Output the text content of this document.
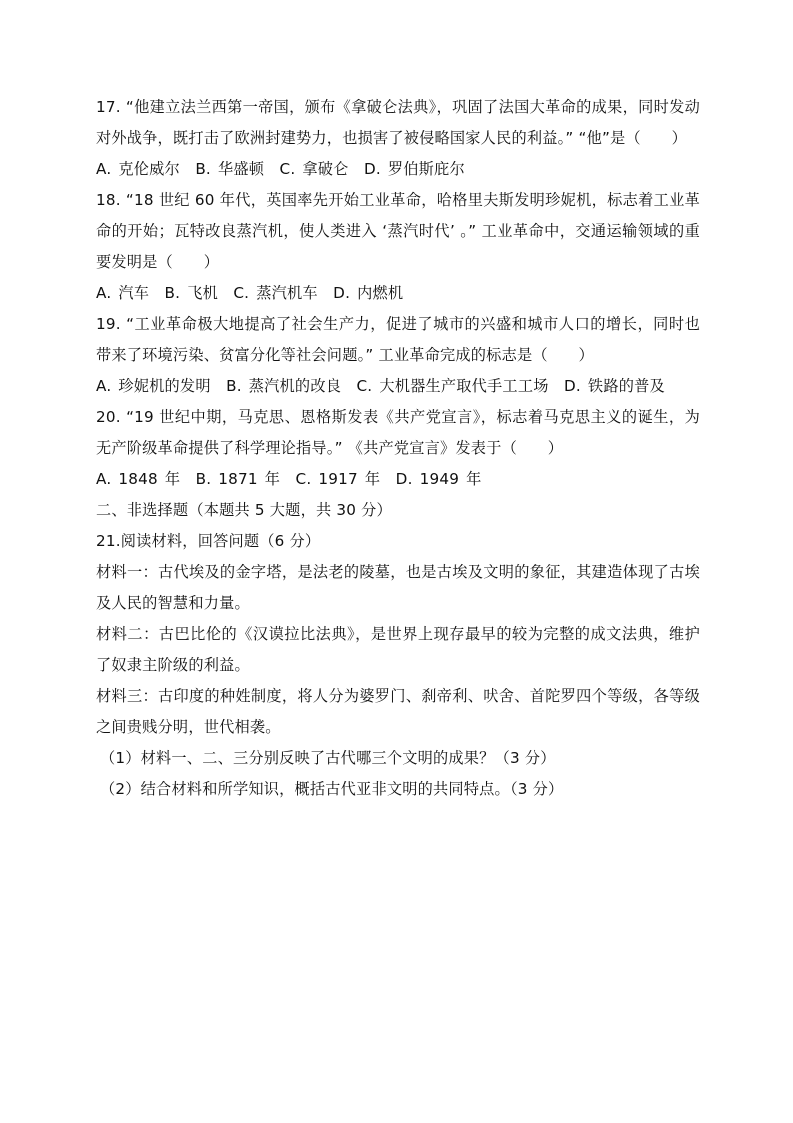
17. “他建立法兰西第一帝国，颁布《拿破仑法典》，巩固了法国大革命的成果，同时发动对外战争，既打击了欧洲封建势力，也损害了被侵略国家人民的利益。” “他”是（　　）

A. 克伦威尔　B. 华盛顿　C. 拿破仑　D. 罗伯斯庇尔

18. “18 世纪 60 年代，英国率先开始工业革命，哈格里夫斯发明珍妮机，标志着工业革命的开始；瓦特改良蒸汽机，使人类进入 ‘蒸汽时代’ 。” 工业革命中，交通运输领域的重要发明是（　　）

A. 汽车　B. 飞机　C. 蒸汽机车　D. 内燃机

19. “工业革命极大地提高了社会生产力，促进了城市的兴盛和城市人口的增长，同时也带来了环境污染、贫富分化等社会问题。” 工业革命完成的标志是（　　）

A. 珍妮机的发明　B. 蒸汽机的改良　C. 大机器生产取代手工工场　D. 铁路的普及

20. “19 世纪中期，马克思、恩格斯发表《共产党宣言》，标志着马克思主义的诞生，为无产阶级革命提供了科学理论指导。” 《共产党宣言》发表于（　　）

A. 1848 年　B. 1871 年　C. 1917 年　D. 1949 年

二、非选择题（本题共 5 大题，共 30 分）

21.阅读材料，回答问题（6 分）

材料一：古代埃及的金字塔，是法老的陵墓，也是古埃及文明的象征，其建造体现了古埃及人民的智慧和力量。

材料二：古巴比伦的《汉谟拉比法典》，是世界上现存最早的较为完整的成文法典，维护了奴隶主阶级的利益。

材料三：古印度的种姓制度，将人分为婆罗门、刹帝利、吠舍、首陀罗四个等级，各等级之间贵贱分明，世代相袭。

（1）材料一、二、三分别反映了古代哪三个文明的成果？（3 分）

（2）结合材料和所学知识，概括古代亚非文明的共同特点。（3 分）
